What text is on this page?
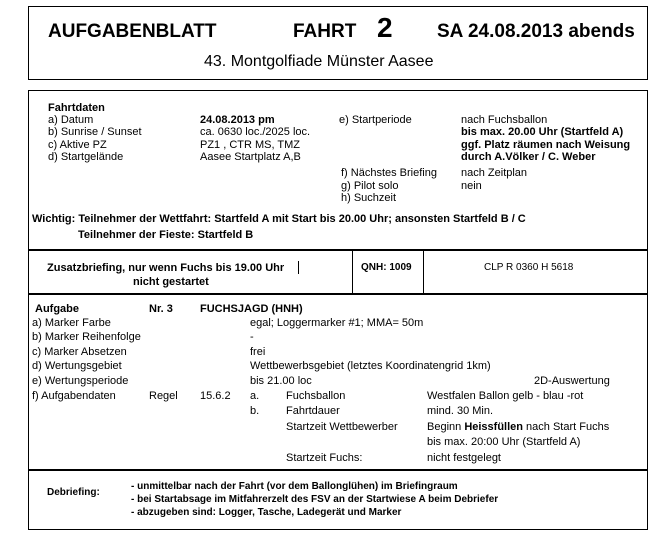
AUFGABENBLATT	FAHRT 2 SA 24.08.2013 abends
43. Montgolfiade Münster Aasee
Fahrtdaten
a) Datum	24.08.2013 pm
b) Sunrise / Sunset	ca. 0630 loc./2025 loc.
c) Aktive PZ	PZ1 , CTR MS, TMZ
d) Startgelände	Aasee Startplatz A,B
e) Startperiode	nach Fuchsballon
bis max. 20.00 Uhr (Startfeld A)
ggf. Platz räumen nach Weisung
durch A.Völker / C. Weber
f) Nächstes Briefing nach Zeitplan
g) Pilot solo	nein
h) Suchzeit
Wichtig: Teilnehmer der Wettfahrt: Startfeld A mit Start bis 20.00 Uhr; ansonsten Startfeld B / C
Teilnehmer der Fieste: Startfeld B
Zusatzbriefing, nur wenn Fuchs bis 19.00 Uhr
nicht gestartet
QNH: 1009	CLP R 0360 H 5618
Aufgabe	Nr. 3 FUCHSJAGD (HNH)
a) Marker Farbe	egal; Loggermarker #1; MMA= 50m
b) Marker Reihenfolge	-
c) Marker Absetzen	frei
d) Wertungsgebiet	Wettbewerbsgebiet (letztes Koordinatengrid 1km)
e) Wertungsperiode	bis 21.00 loc	2D-Auswertung
f) Aufgabendaten	Regel 15.6.2 a. Fuchsballon	Westfalen Ballon gelb - blau -rot
b. Fahrtdauer	mind. 30 Min.
Startzeit Wettbewerber	Beginn Heissfüllen nach Start Fuchs
bis max. 20:00 Uhr (Startfeld A)
Startzeit Fuchs:	nicht festgelegt
Debriefing:
- unmittelbar nach der Fahrt (vor dem Ballonglühen) im Briefingraum
- bei Startabsage im Mitfahrerzelt des FSV an der Startwiese A beim Debriefer
- abzugeben sind: Logger, Tasche, Ladegerät und Marker
